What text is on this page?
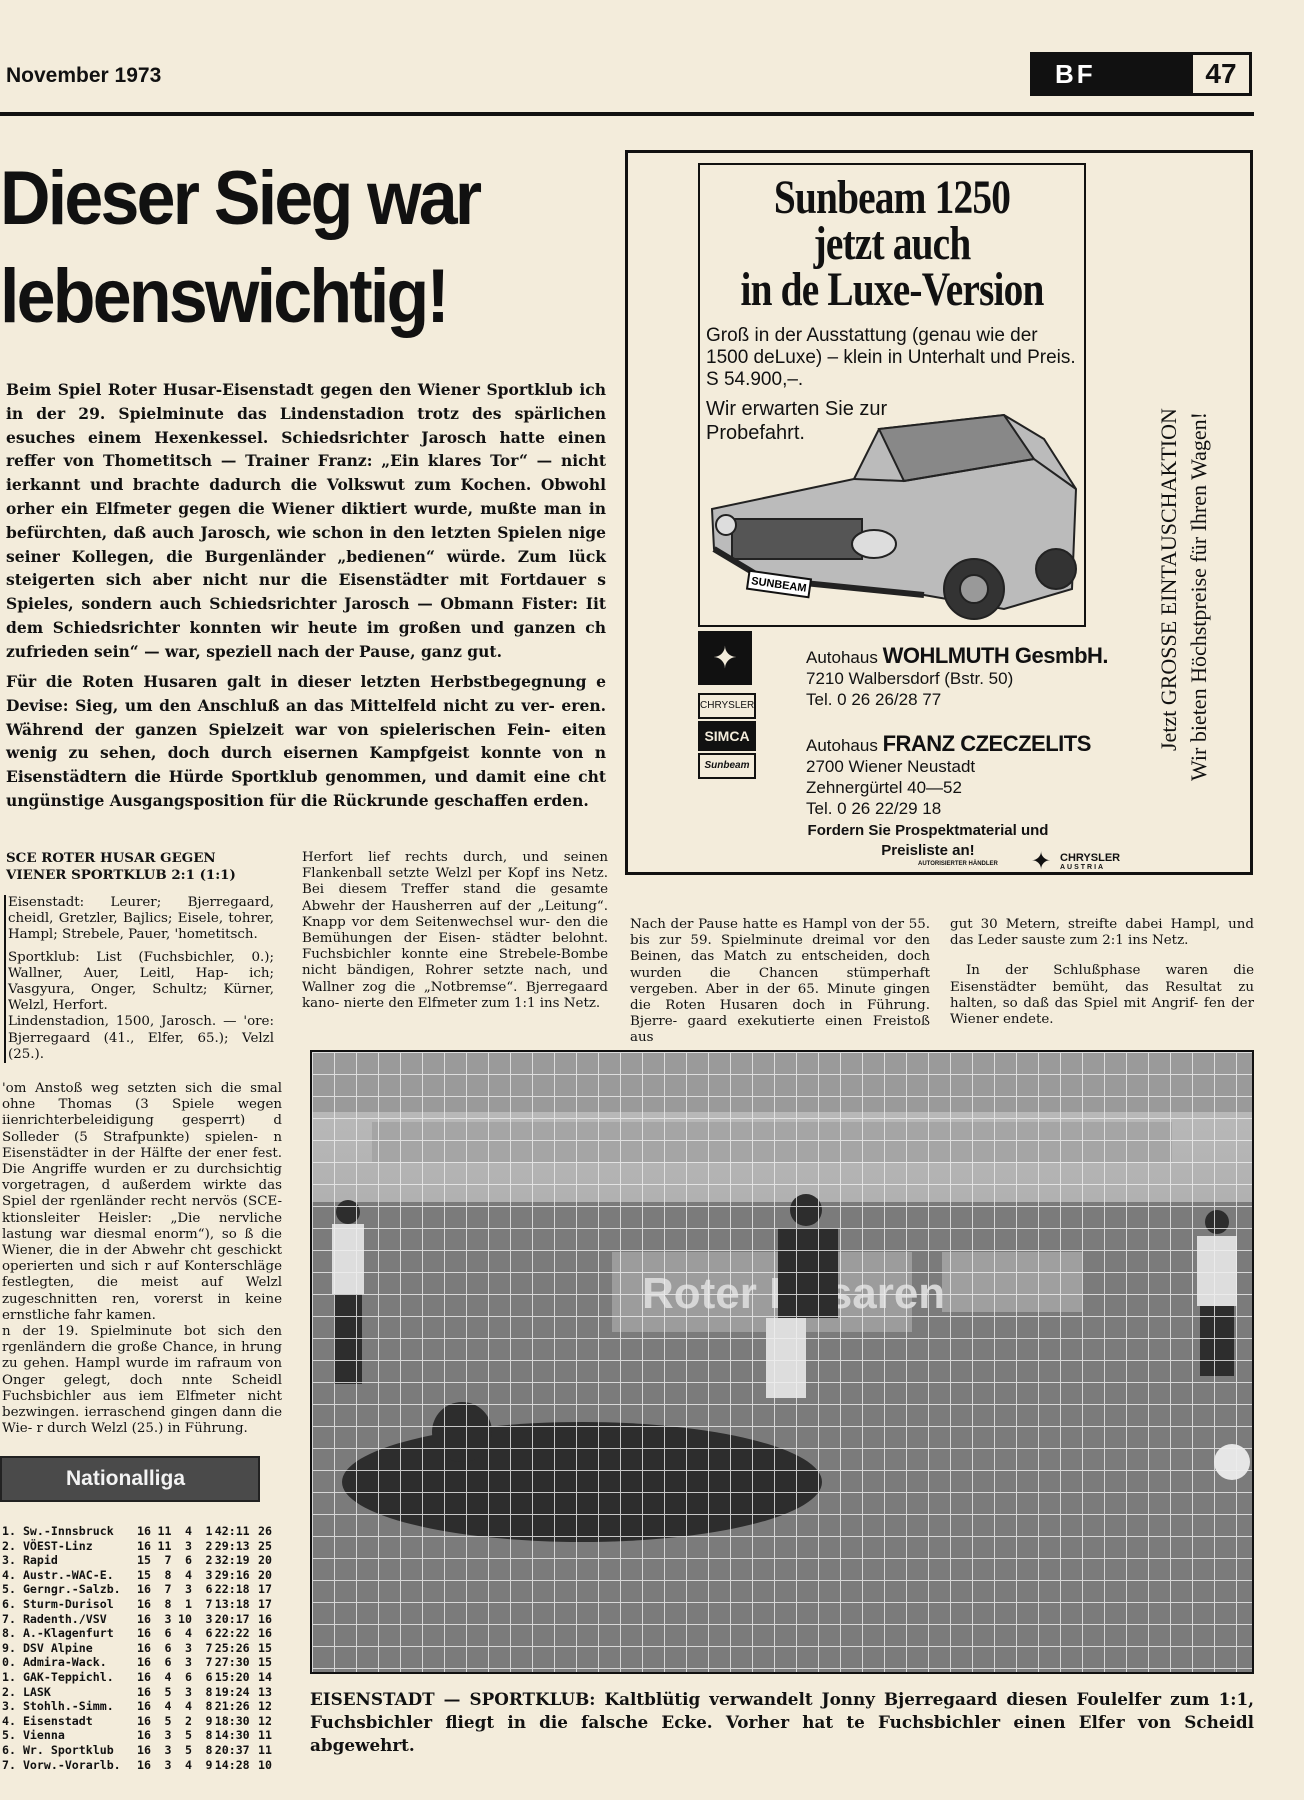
November 1973	BF	47
Dieser Sieg war
lebenswichtig!

Beim Spiel Roter Husar-Eisenstadt gegen den Wiener Sportklub ich in der 29. Spielminute das Lindenstadion trotz des spärlichen esuches einem Hexenkessel. Schiedsrichter Jarosch hatte einen reffer von Thometitsch — Trainer Franz: „Ein klares Tor“ — nicht ierkannt und brachte dadurch die Volkswut zum Kochen. Obwohl orher ein Elfmeter gegen die Wiener diktiert wurde, mußte man in befürchten, daß auch Jarosch, wie schon in den letzten Spielen nige seiner Kollegen, die Burgenländer „bedienen“ würde. Zum lück steigerten sich aber nicht nur die Eisenstädter mit Fortdauer s Spieles, sondern auch Schiedsrichter Jarosch — Obmann Fister: Iit dem Schiedsrichter konnten wir heute im großen und ganzen ch zufrieden sein“ — war, speziell nach der Pause, ganz gut.

Für die Roten Husaren galt in dieser letzten Herbstbegegnung e Devise: Sieg, um den Anschluß an das Mittelfeld nicht zu ver- eren. Während der ganzen Spielzeit war von spielerischen Fein- eiten wenig zu sehen, doch durch eisernen Kampfgeist konnte von n Eisenstädtern die Hürde Sportklub genommen, und damit eine cht ungünstige Ausgangsposition für die Rückrunde geschaffen erden.

SCE ROTER HUSAR GEGEN VIENER SPORTKLUB 2:1 (1:1)

Eisenstadt: Leurer; Bjerregaard, cheidl, Gretzler, Bajlics; Eisele, tohrer, Hampl; Strebele, Pauer, 'hometitsch.

Sportklub: List (Fuchsbichler, 0.); Wallner, Auer, Leitl, Hap- ich; Vasgyura, Onger, Schultz; Kürner, Welzl, Herfort.

Lindenstadion, 1500, Jarosch. — 'ore: Bjerregaard (41., Elfer, 65.); Velzl (25.).

Herfort lief rechts durch, und seinen Flankenball setzte Welzl per Kopf ins Netz. Bei diesem Treffer stand die gesamte Abwehr der Hausherren auf der „Leitung“. Knapp vor dem Seitenwechsel wur- den die Bemühungen der Eisen- städter belohnt. Fuchsbichler konnte eine Strebele-Bombe nicht bändigen, Rohrer setzte nach, und Wallner zog die „Notbremse“. Bjerregaard kano- nierte den Elfmeter zum 1:1 ins Netz.

Nach der Pause hatte es Hampl von der 55. bis zur 59. Spielminute dreimal vor den Beinen, das Match zu entscheiden, doch wurden die Chancen stümperhaft vergeben. Aber in der 65. Minute gingen die Roten Husaren doch in Führung. Bjerre- gaard exekutierte einen Freistoß aus

gut 30 Metern, streifte dabei Hampl, und das Leder sauste zum 2:1 ins Netz.

In der Schlußphase waren die Eisenstädter bemüht, das Resultat zu halten, so daß das Spiel mit Angrif- fen der Wiener endete.

'om Anstoß weg setzten sich die smal ohne Thomas (3 Spiele wegen iienrichterbeleidigung gesperrt) d Solleder (5 Strafpunkte) spielen- n Eisenstädter in der Hälfte der ener fest. Die Angriffe wurden er zu durchsichtig vorgetragen, d außerdem wirkte das Spiel der rgenländer recht nervös (SCE- ktionsleiter Heisler: „Die nervliche lastung war diesmal enorm“), so ß die Wiener, die in der Abwehr cht geschickt operierten und sich r auf Konterschläge festlegten, die meist auf Welzl zugeschnitten ren, vorerst in keine ernstliche fahr kamen.

n der 19. Spielminute bot sich den rgenländern die große Chance, in hrung zu gehen. Hampl wurde im rafraum von Onger gelegt, doch nnte Scheidl Fuchsbichler aus iem Elfmeter nicht bezwingen. ierraschend gingen dann die Wie- r durch Welzl (25.) in Führung.

Sunbeam 1250
jetzt auch
in de Luxe-Version
Groß in der Ausstattung (genau wie der 1500 deLuxe) – klein in Unterhalt und Preis. S 54.900,–.
SUNBEAM
Wir erwarten Sie zur Probefahrt.	Jetzt GROSSE EINTAUSCHAKTION Wir bieten Höchstpreise für Ihren Wagen!
✦
CHRYSLER
SIMCA
Sunbeam
Autohaus WOHLMUTH GesmbH.
7210 Walbersdorf (Bstr. 50)
Tel. 0 26 26/28 77
Autohaus FRANZ CZECZELITS
2700 Wiener Neustadt
Zehnergürtel 40—52
Tel. 0 26 22/29 18
Fordern Sie Prospektmaterial und
Preisliste an!
AUTORISIERTER HÄNDLER ✦ CHRYSLER
AUSTRIA
Nationalliga
1. Sw.-Innsbruck	16 11	4	1 42:11 26
2. VÖEST-Linz	16 11	3	2 29:13 25
3. Rapid	15	7	6	2 32:19 20
4. Austr.-WAC-E.	15	8	4	3 29:16 20
5. Gerngr.-Salzb.	16	7	3	6 22:18 17
6. Sturm-Durisol	16	8	1	7 13:18 17
7. Radenth./VSV	16	3 10	3 20:17 16
8. A.-Klagenfurt	16	6	4	6 22:22 16
9. DSV Alpine	16	6	3	7 25:26 15
0. Admira-Wack.	16	6	3	7 27:30 15
1. GAK-Teppichl.	16	4	6	6 15:20 14
2. LASK	16	5	3	8 19:24 13
3. Stohlh.-Simm.	16	4	4	8 21:26 12
4. Eisenstadt	16	5	2	9 18:30 12
5. Vienna	16	3	5	8 14:30 11
6. Wr. Sportklub	16	3	5	8 20:37 11
7. Vorw.-Vorarlb.	16	3	4	9 14:28 10
EISENSTADT — SPORTKLUB: Kaltblütig verwandelt Jonny Bjerregaard diesen Foulelfer zum 1:1, Fuchsbichler fliegt in die falsche Ecke. Vorher hat te Fuchsbichler einen Elfer von Scheidl abgewehrt.
